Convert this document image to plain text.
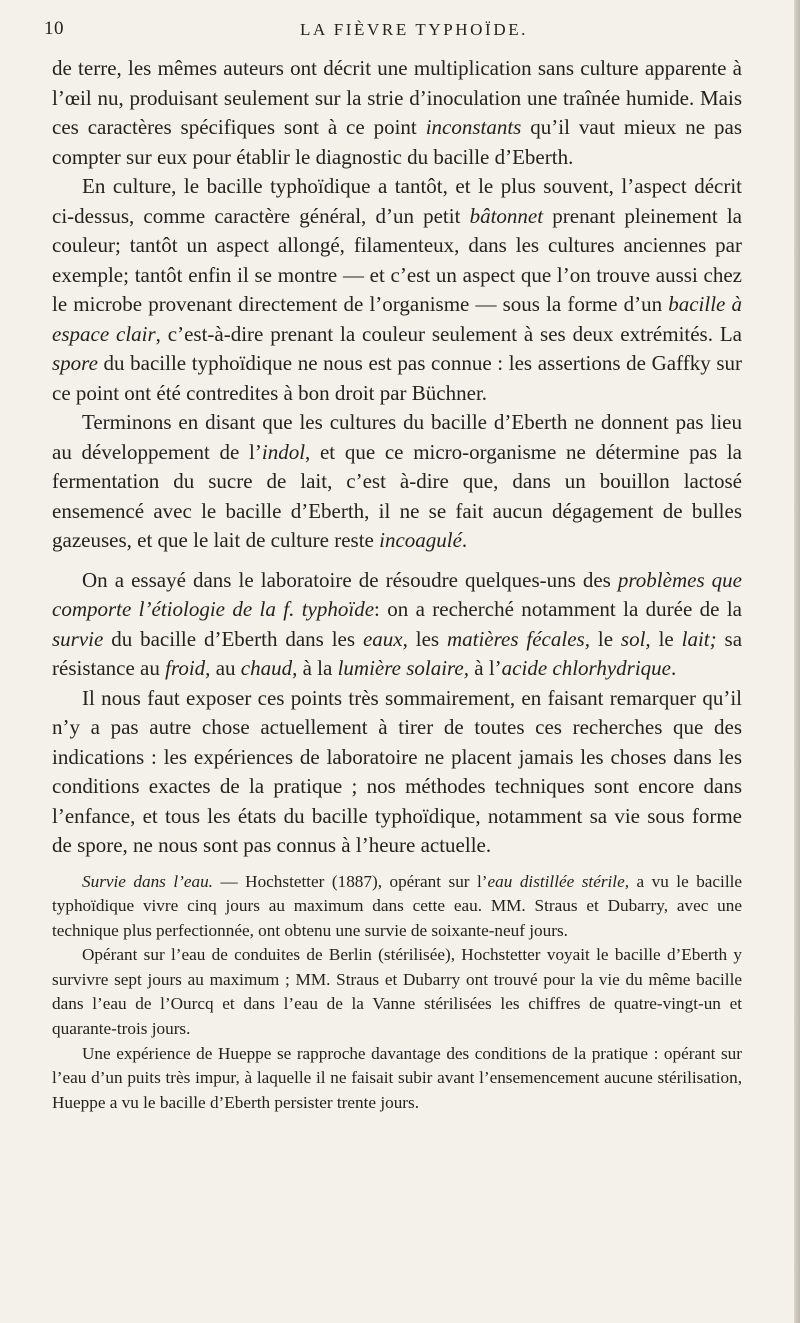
10	LA FIÈVRE TYPHOÏDE.

de terre, les mêmes auteurs ont décrit une multiplication sans culture apparente à l’œil nu, produisant seulement sur la strie d’inoculation une traînée humide. Mais ces caractères spécifiques sont à ce point inconstants qu’il vaut mieux ne pas compter sur eux pour établir le diagnostic du bacille d’Eberth.

En culture, le bacille typhoïdique a tantôt, et le plus souvent, l’aspect décrit ci-dessus, comme caractère général, d’un petit bâtonnet prenant pleinement la couleur; tantôt un aspect allongé, filamenteux, dans les cultures anciennes par exemple; tantôt enfin il se montre — et c’est un aspect que l’on trouve aussi chez le microbe provenant directement de l’organisme — sous la forme d’un bacille à espace clair, c’est-à-dire prenant la couleur seulement à ses deux extrémités. La spore du bacille typhoïdique ne nous est pas connue : les assertions de Gaffky sur ce point ont été contredites à bon droit par Büchner.

Terminons en disant que les cultures du bacille d’Eberth ne donnent pas lieu au développement de l’indol, et que ce micro-organisme ne détermine pas la fermentation du sucre de lait, c’est à-dire que, dans un bouillon lactosé ensemencé avec le bacille d’Eberth, il ne se fait aucun dégagement de bulles gazeuses, et que le lait de culture reste incoagulé.

On a essayé dans le laboratoire de résoudre quelques-uns des problèmes que comporte l’étiologie de la f. typhoïde: on a recherché notamment la durée de la survie du bacille d’Eberth dans les eaux, les matières fécales, le sol, le lait; sa résistance au froid, au chaud, à la lumière solaire, à l’acide chlorhydrique.

Il nous faut exposer ces points très sommairement, en faisant remarquer qu’il n’y a pas autre chose actuellement à tirer de toutes ces recherches que des indications : les expériences de laboratoire ne placent jamais les choses dans les conditions exactes de la pratique ; nos méthodes techniques sont encore dans l’enfance, et tous les états du bacille typhoïdique, notamment sa vie sous forme de spore, ne nous sont pas connus à l’heure actuelle.

Survie dans l’eau. — Hochstetter (1887), opérant sur l’eau distillée stérile, a vu le bacille typhoïdique vivre cinq jours au maximum dans cette eau. MM. Straus et Dubarry, avec une technique plus perfectionnée, ont obtenu une survie de soixante-neuf jours.

Opérant sur l’eau de conduites de Berlin (stérilisée), Hochstetter voyait le bacille d’Eberth y survivre sept jours au maximum ; MM. Straus et Dubarry ont trouvé pour la vie du même bacille dans l’eau de l’Ourcq et dans l’eau de la Vanne stérilisées les chiffres de quatre-vingt-un et quarante-trois jours.

Une expérience de Hueppe se rapproche davantage des conditions de la pratique : opérant sur l’eau d’un puits très impur, à laquelle il ne faisait subir avant l’ensemencement aucune stérilisation, Hueppe a vu le bacille d’Eberth persister trente jours.
